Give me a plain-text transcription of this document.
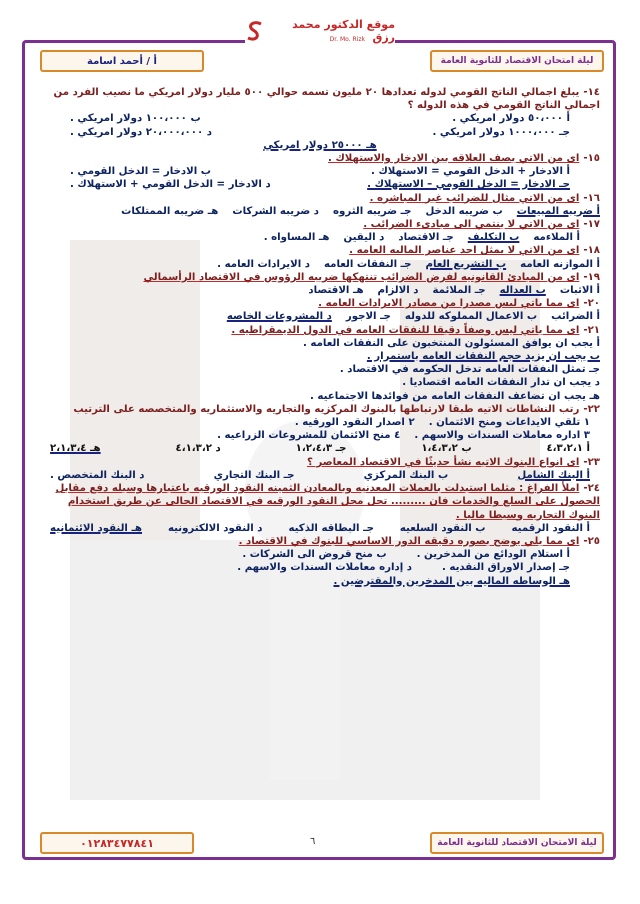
موقع الدكتور محمد رزق
Dr. Mo. Rizk
ليلة امتحان الاقتصاد للثانوية العامة
أ / أحمد اسامة
١٤-يبلغ اجمالي الناتج القومي لدوله تعدادها ٢٠ مليون تسمه حوالي ٥٠٠ مليار دولار امريكي ما نصيب الفرد من اجمالي الناتج القومي في هذه الدوله ؟
أ ٥٠،٠٠٠ دولار امريكي .
ب ١٠٠،٠٠٠ دولار امريكي .
جـ ١٠٠٠،٠٠٠ دولار امريكي .
د ٢٠،٠٠٠،٠٠٠ دولار امريكي .
هـ ٢٥٠٠٠ دولار امريكي
١٥-اى من الاتي يصف العلاقه بين الادخار والاستهلاك .
أ الادخار + الدخل القومي = الاستهلاك .
ب الادخار = الدخل القومي .
جـ الادخار = الدخل القومي – الاستهلاك .
د الادخار = الدخل القومي + الاستهلاك .
١٦-اى من الاتي مثال للضرائب غير المباشره .
أ ضريبه المبيعات
ب ضريبه الدخل
جـ ضريبه الثروه
د ضريبه الشركات
هـ ضريبه الممتلكات
١٧-اى من الاتي لا ينتمي الى مبادىء الضرائب .
أ الملاءمه
ب التكليف
جـ الاقتصاد
د اليقين
هـ المساواه .
١٨-اى من الاتي لا يمثل احد عناصر الماليه العامه .
أ الموازنه العامه
ب التشريع العام
جـ النفقات العامه
د الايرادات العامه .
١٩-اى من المبادئ القانونيه لفرض الضرائب تنتهكها ضريبه الرؤوس في الاقتصاد الرأسمالي
أ الاثبات
ب العداله
جـ الملائمة
د الالزام
هـ الاقتصاد
٢٠-اى مما ياتي ليس مصدرا من مصادر الايرادات العامه .
أ الضرائب
ب الاعمال المملوكه للدوله
جـ الاجور
د المشروعات الخاصه
٢١-اى مما ياتي ليس وصفاً دقيقا للنفقات العامه في الدول الديمقراطيه .
أ يجب ان يوافق المسئولون المنتخبون على النفقات العامه .
ب يجب ان يزيد حجم النفقات العامه باستمرار .
جـ تمثل النفقات العامه تدخل الحكومه في الاقتصاد .
د يجب ان تدار النفقات العامه اقتصاديا .
هـ يجب ان تضاعف النفقات العامه من فوائدها الاجتماعيه .
٢٢-رتب النشاطات الاتيه طبقا لارتباطها بالبنوك المركزيه والتجاريه والاستثماريه والمتخصصه على الترتيب
١ تلقي الايداعات ومنح الائتمان .
٢ اصدار النقود الورقيه .
٣ اداره معاملات السندات والاسهم .
٤ منح الائتمان للمشروعات الزراعيه .
أ ٤،٣،٢،١
ب ١،٤،٣،٢
جـ ١،٢،٤،٣
د ٤،١،٣،٢
هـ ٢،١،٣،٤
٢٣-اى انواع البنوك الاتيه نشأ حديثًا في الاقتصاد المعاصر ؟
أ البنك الشامل
ب البنك المركزي
جـ البنك التجاري
د البنك المتخصص .
٢٤-املأ الفراغ : مثلما استبدلت بالعملات المعدنيه وبالمعادن الثمينه النقود الورقيه باعتبارها وسيله دفع مقابل الحصول على السلع والخدمات فان ......... تحل محل النقود الورقيه في الاقتصاد الحالى عن طريق استخدام البنوك التجاريه وسيطا ماليا .
أ النقود الرقميه
ب النقود السلعيه
جـ البطاقه الذكيه
د النقود الالكترونيه
هـ النقود الائتمانيه
٢٥-اى مما يلي يوضح بصوره دقيقه الدور الاساسي للبنوك في الاقتصاد .
أ استلام الودائع من المدخرين .
ب منح قروض الى الشركات .
جـ إصدار الاوراق النقديه .
د إداره معاملات السندات والاسهم .
هـ الوساطه الماليه بين المدخرين والمقترضين .
ليلة الامتحان الاقتصاد للثانوية العامة
٦
٠١٢٨٣٤٧٧٨٤١
